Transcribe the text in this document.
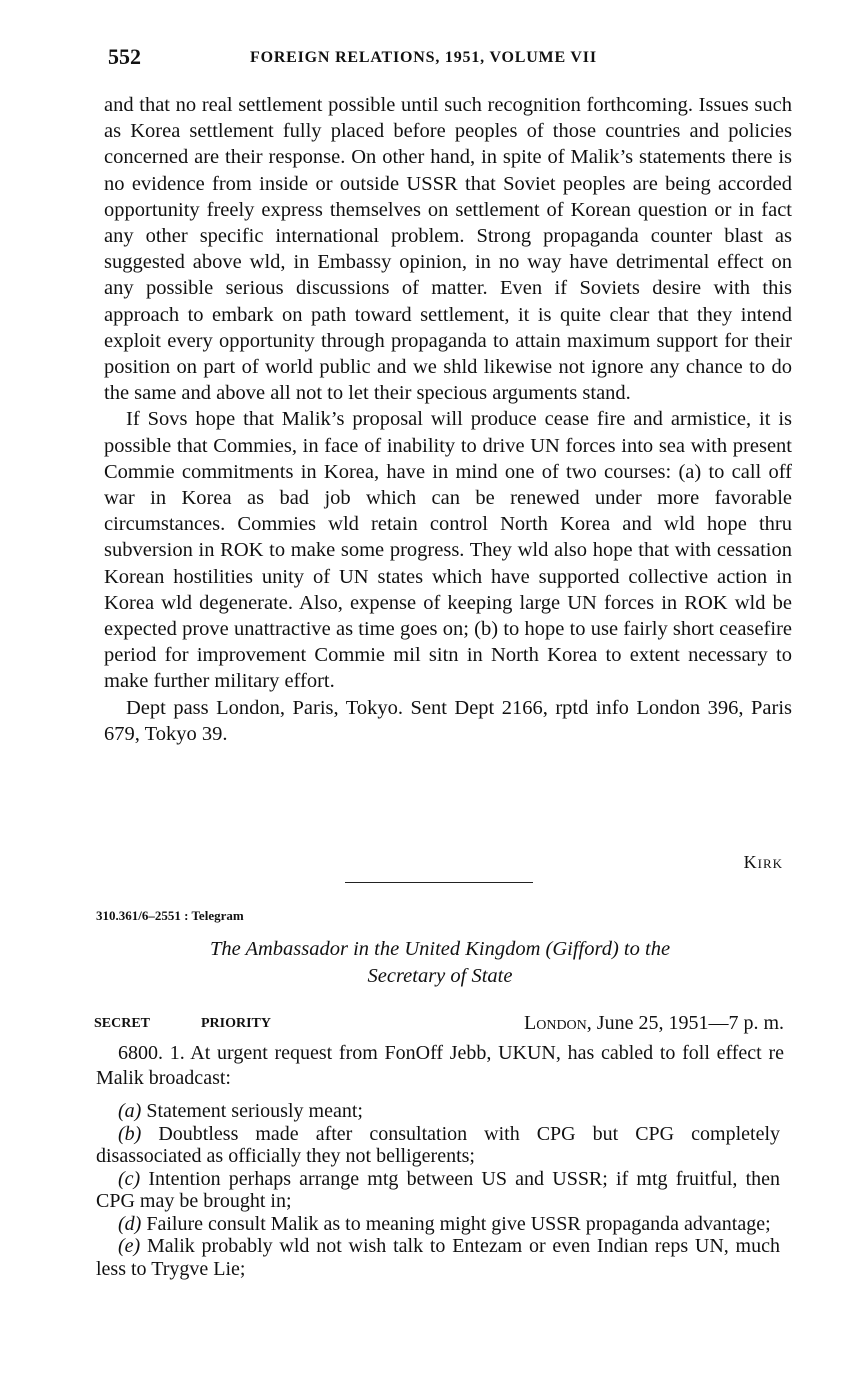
552	FOREIGN RELATIONS, 1951, VOLUME VII

and that no real settlement possible until such recognition forthcoming. Issues such as Korea settlement fully placed before peoples of those countries and policies concerned are their response. On other hand, in spite of Malik’s statements there is no evidence from inside or outside USSR that Soviet peoples are being accorded opportunity freely express themselves on settlement of Korean question or in fact any other specific international problem. Strong propaganda counter blast as suggested above wld, in Embassy opinion, in no way have detrimental effect on any possible serious discussions of matter. Even if Soviets desire with this approach to embark on path toward settlement, it is quite clear that they intend exploit every opportunity through propaganda to attain maximum support for their position on part of world public and we shld likewise not ignore any chance to do the same and above all not to let their specious arguments stand.

If Sovs hope that Malik’s proposal will produce cease fire and armistice, it is possible that Commies, in face of inability to drive UN forces into sea with present Commie commitments in Korea, have in mind one of two courses: (a) to call off war in Korea as bad job which can be renewed under more favorable circumstances. Commies wld retain control North Korea and wld hope thru subversion in ROK to make some progress. They wld also hope that with cessation Korean hostilities unity of UN states which have supported collective action in Korea wld degenerate. Also, expense of keeping large UN forces in ROK wld be expected prove unattractive as time goes on; (b) to hope to use fairly short ceasefire period for improvement Commie mil sitn in North Korea to extent necessary to make further military effort.

Dept pass London, Paris, Tokyo. Sent Dept 2166, rptd info London 396, Paris 679, Tokyo 39.

Kirk
310.361/6–2551 : Telegram
The Ambassador in the United Kingdom (Gifford) to the
Secretary of State
SECRET	PRIORITY	London, June 25, 1951—7 p. m.

6800. 1. At urgent request from FonOff Jebb, UKUN, has cabled to foll effect re Malik broadcast:

(a) Statement seriously meant;
(b) Doubtless made after consultation with CPG but CPG completely disassociated as officially they not belligerents;
(c) Intention perhaps arrange mtg between US and USSR; if mtg fruitful, then CPG may be brought in;
(d) Failure consult Malik as to meaning might give USSR propaganda advantage;
(e) Malik probably wld not wish talk to Entezam or even Indian reps UN, much less to Trygve Lie;
